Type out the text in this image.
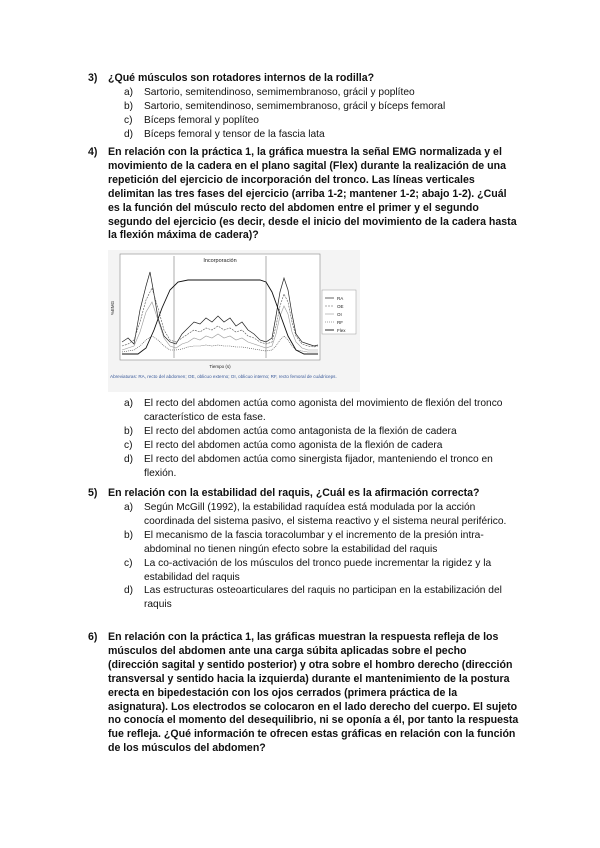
3) ¿Qué músculos son rotadores internos de la rodilla?
a) Sartorio, semitendinoso, semimembranoso, grácil y poplíteo
b) Sartorio, semitendinoso, semimembranoso, grácil y bíceps femoral
c) Bíceps femoral y poplíteo
d) Bíceps femoral y tensor de la fascia lata
4) En relación con la práctica 1, la gráfica muestra la señal EMG normalizada y el movimiento de la cadera en el plano sagital (Flex) durante la realización de una repetición del ejercicio de incorporación del tronco. Las líneas verticales delimitan las tres fases del ejercicio (arriba 1-2; mantener 1-2; abajo 1-2). ¿Cuál es la función del músculo recto del abdomen entre el primer y el segundo segundo del ejercicio (es decir, desde el inicio del movimiento de la cadera hasta la flexión máxima de cadera)?
Incorporación
%EMG
Tiempo (s)
RA
OE
OI
RF
Flex
Abreviaturas: RA, recto del abdomen; OE, oblicuo externo; OI, oblicuo interno; RF, recto femoral de cuádriceps.
a) El recto del abdomen actúa como agonista del movimiento de flexión del tronco característico de esta fase.
b) El recto del abdomen actúa como antagonista de la flexión de cadera
c) El recto del abdomen actúa como agonista de la flexión de cadera
d) El recto del abdomen actúa como sinergista fijador, manteniendo el tronco en flexión.
5) En relación con la estabilidad del raquis, ¿Cuál es la afirmación correcta?
a) Según McGill (1992), la estabilidad raquídea está modulada por la acción coordinada del sistema pasivo, el sistema reactivo y el sistema neural periférico.
b) El mecanismo de la fascia toracolumbar y el incremento de la presión intra-abdominal no tienen ningún efecto sobre la estabilidad del raquis
c) La co-activación de los músculos del tronco puede incrementar la rigidez y la estabilidad del raquis
d) Las estructuras osteoarticulares del raquis no participan en la estabilización del raquis
6) En relación con la práctica 1, las gráficas muestran la respuesta refleja de los músculos del abdomen ante una carga súbita aplicadas sobre el pecho (dirección sagital y sentido posterior) y otra sobre el hombro derecho (dirección transversal y sentido hacia la izquierda) durante el mantenimiento de la postura erecta en bipedestación con los ojos cerrados (primera práctica de la asignatura). Los electrodos se colocaron en el lado derecho del cuerpo. El sujeto no conocía el momento del desequilibrio, ni se oponía a él, por tanto la respuesta fue refleja. ¿Qué información te ofrecen estas gráficas en relación con la función de los músculos del abdomen?
